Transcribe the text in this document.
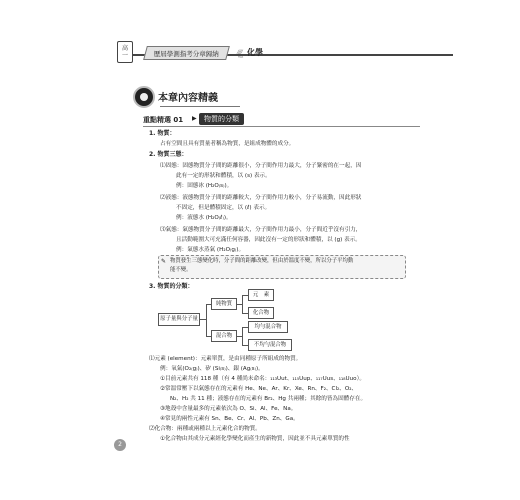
高
一	歷屆學測指考分章歸納	《《 化學
本章內容精義
重點精選 01 ▶	物質的分類
1. 物質：
占有空間且具有質量者稱為物質，是組成物體的成分。
2. 物質三態：
⑴固態：固態物質分子間的距離很小，分子間作用力最大，分子緊密的在一起，因
此有一定的形狀和體積，以 (s) 表示。
例：固態冰 (H₂O₍s₎)。
⑵液態：液態物質分子間的距離較大，分子間作用力較小，分子易流動，因此形狀
不固定，但是體積固定，以 (ℓ) 表示。
例：液態水 (H₂O₍ℓ₎)。
⑶氣態：氣態物質分子間的距離最大，分子間作用力最小，分子間近乎沒有引力，
且活動範圍大可充滿任何容器，因此沒有一定的形狀和體積，以 (g) 表示。
例：氣態水蒸氣 (H₂O₍g₎)。
✎ 物質發生三態變化時，分子間的距離改變，但由於溫度不變，所以分子平均動
能不變。
3. 物質的分類：
原子量與分子量
純物質
混合物
元　素
化合物
均勻混合物
不均勻混合物
⑴元素 (element)：元素單質，是由同種原子所組成的物質。
例：氧氣(O₂₍g₎)、矽 (Si₍s₎)、銀 (Ag₍s₎)。
①目前元素共有 118 種（有 4 種尚未命名：₁₁₃Uut、₁₁₅Uup、₁₁₇Uus、₁₁₈Uuo）。
②常溫常壓下以氣態存在的元素有 He、Ne、Ar、Kr、Xe、Rn、F₂、Cl₂、O₂、
N₂、H₂ 共 11 種；液態存在的元素有 Br₂、Hg 共兩種；其餘的皆為固體存在。
③地殼中含量最多的元素依次為 O、Si、Al、Fe、Na。
④常見的兩性元素有 Sn、Be、Cr、Al、Pb、Zn、Ga。
⑵化合物：兩種或兩種以上元素化合的物質。
①化合物由其成分元素經化學變化而產生的新物質，因此並不具元素單質的性
2
